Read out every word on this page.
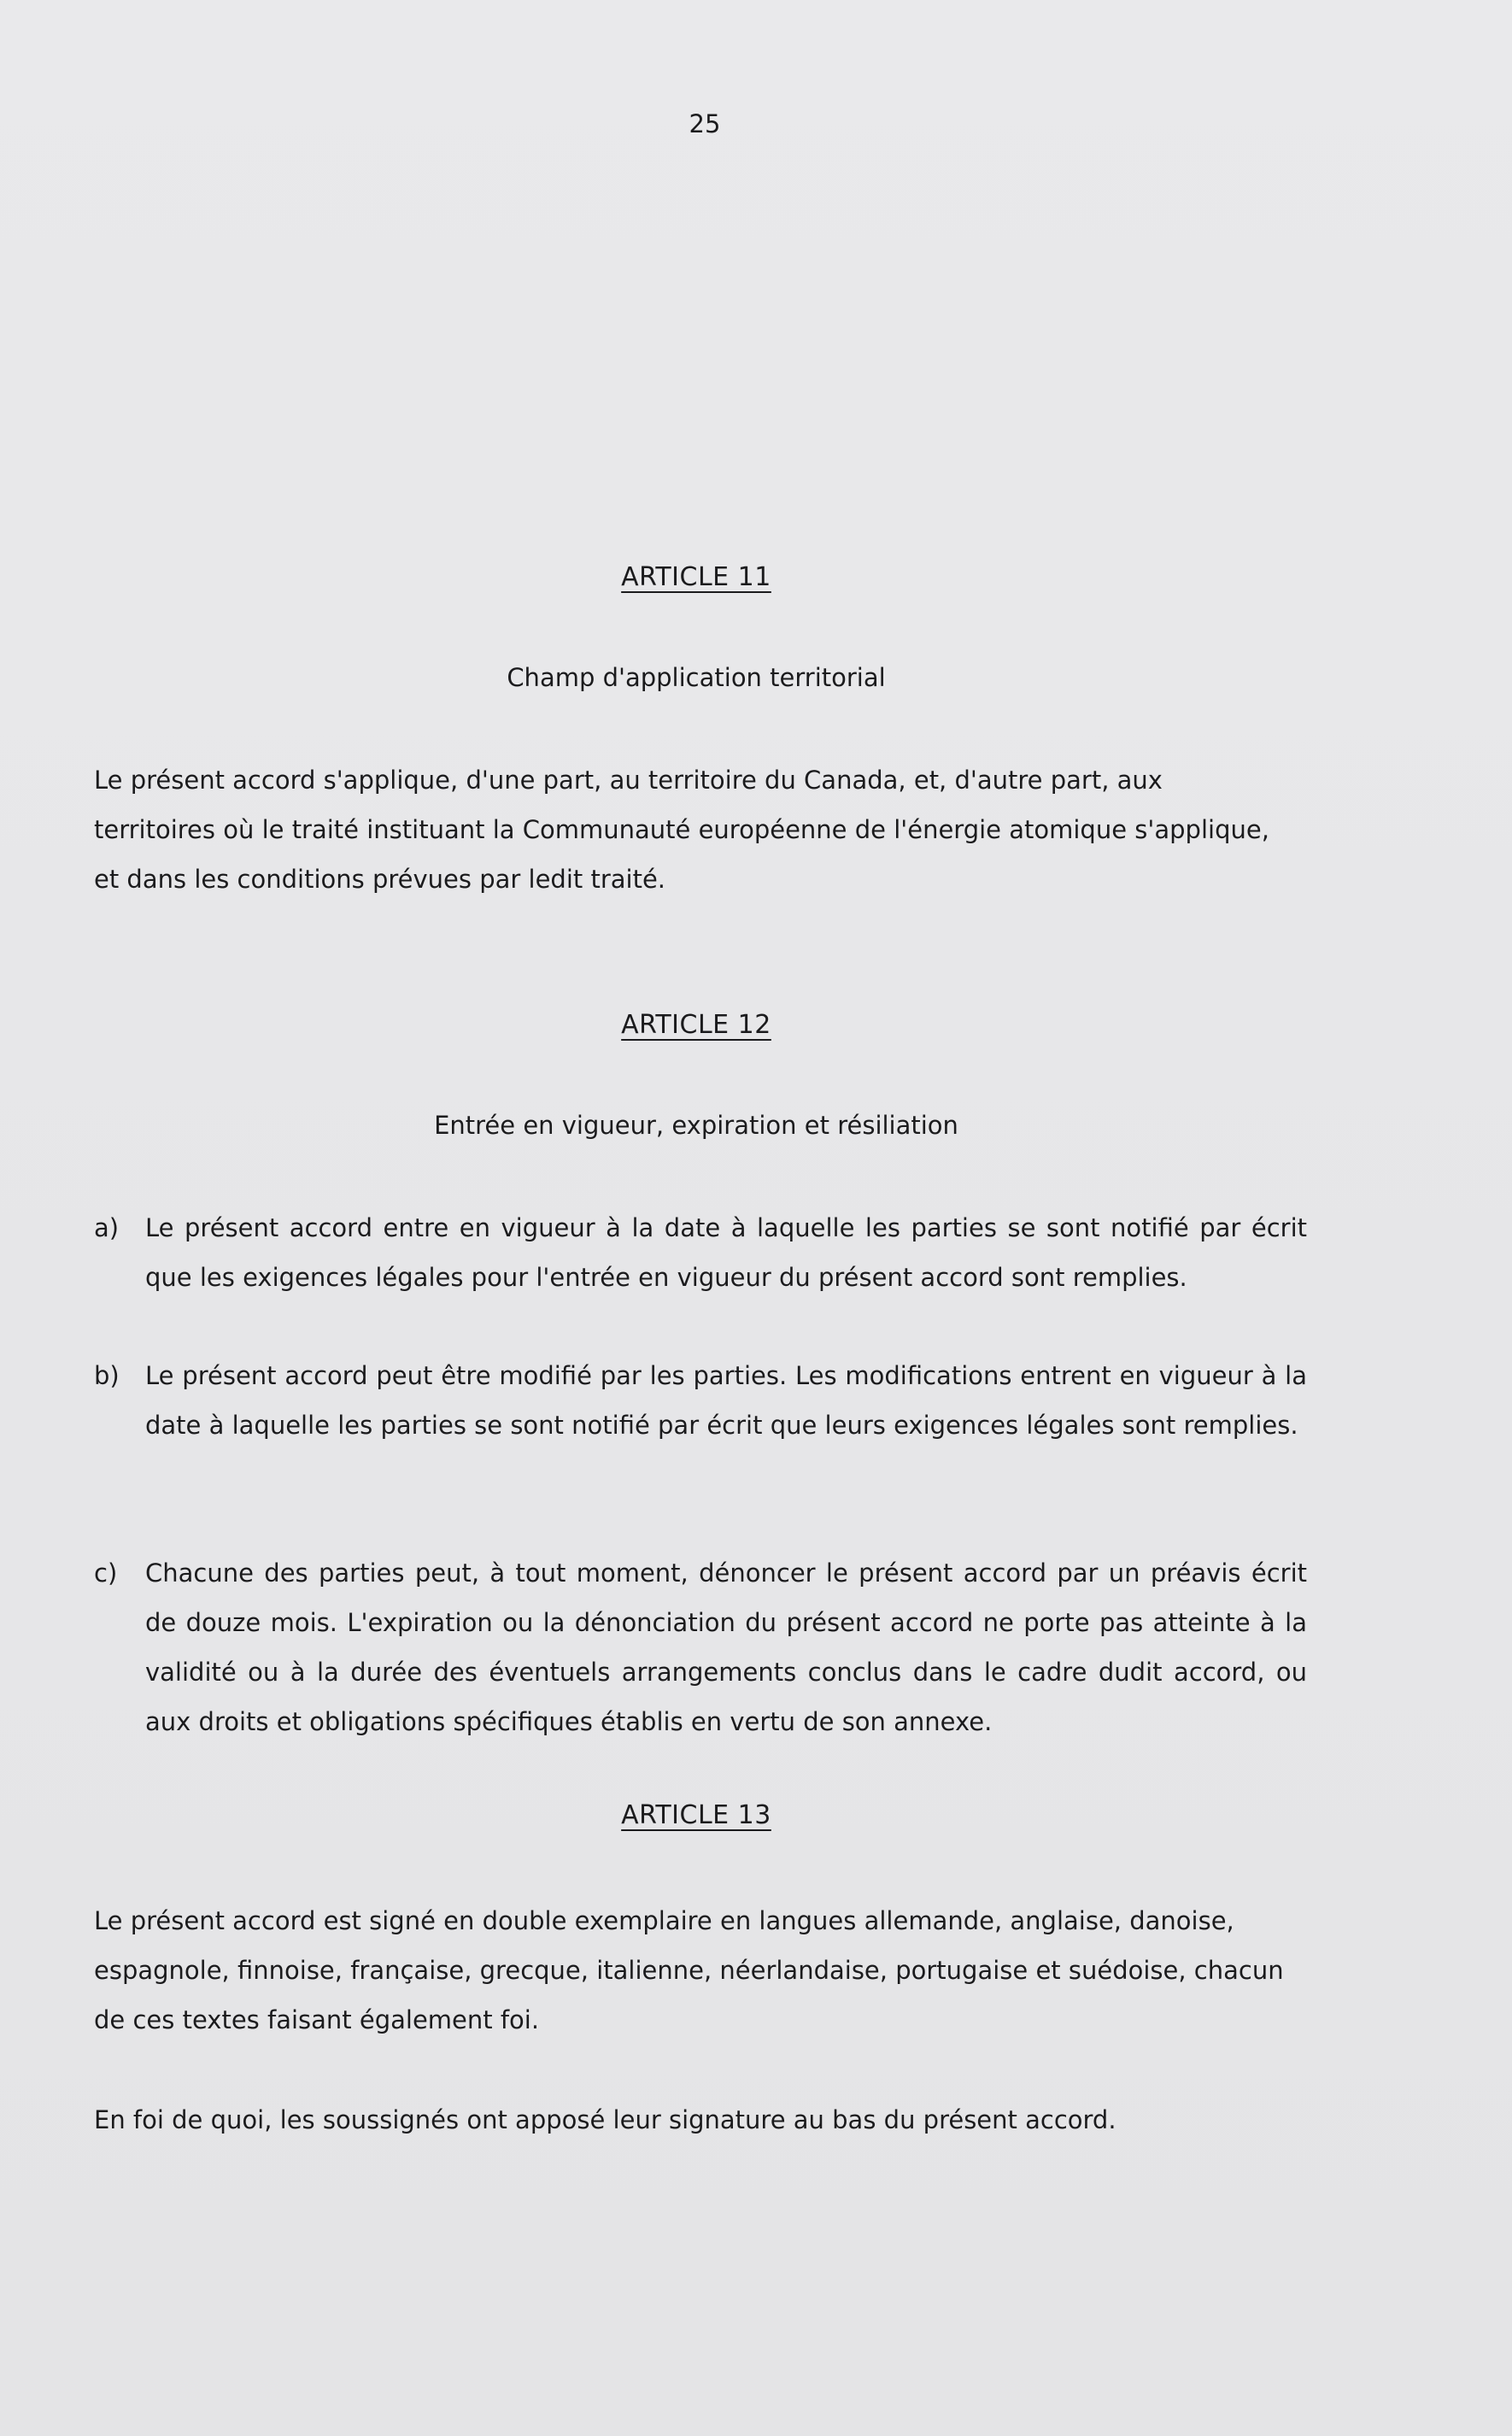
25
ARTICLE 11
Champ d'application territorial
Le présent accord s'applique, d'une part, au territoire du Canada, et, d'autre part, aux territoires où le traité instituant la Communauté européenne de l'énergie atomique s'applique, et dans les conditions prévues par ledit traité.
ARTICLE 12
Entrée en vigueur, expiration et résiliation
a) Le présent accord entre en vigueur à la date à laquelle les parties se sont notifié par écrit que les exigences légales pour l'entrée en vigueur du présent accord sont remplies.
b) Le présent accord peut être modifié par les parties. Les modifications entrent en vigueur à la date à laquelle les parties se sont notifié par écrit que leurs exigences légales sont remplies.
c) Chacune des parties peut, à tout moment, dénoncer le présent accord par un préavis écrit de douze mois. L'expiration ou la dénonciation du présent accord ne porte pas atteinte à la validité ou à la durée des éventuels arrangements conclus dans le cadre dudit accord, ou aux droits et obligations spécifiques établis en vertu de son annexe.
ARTICLE 13
Le présent accord est signé en double exemplaire en langues allemande, anglaise, danoise, espagnole, finnoise, française, grecque, italienne, néerlandaise, portugaise et suédoise, chacun de ces textes faisant également foi.
En foi de quoi, les soussignés ont apposé leur signature au bas du présent accord.
